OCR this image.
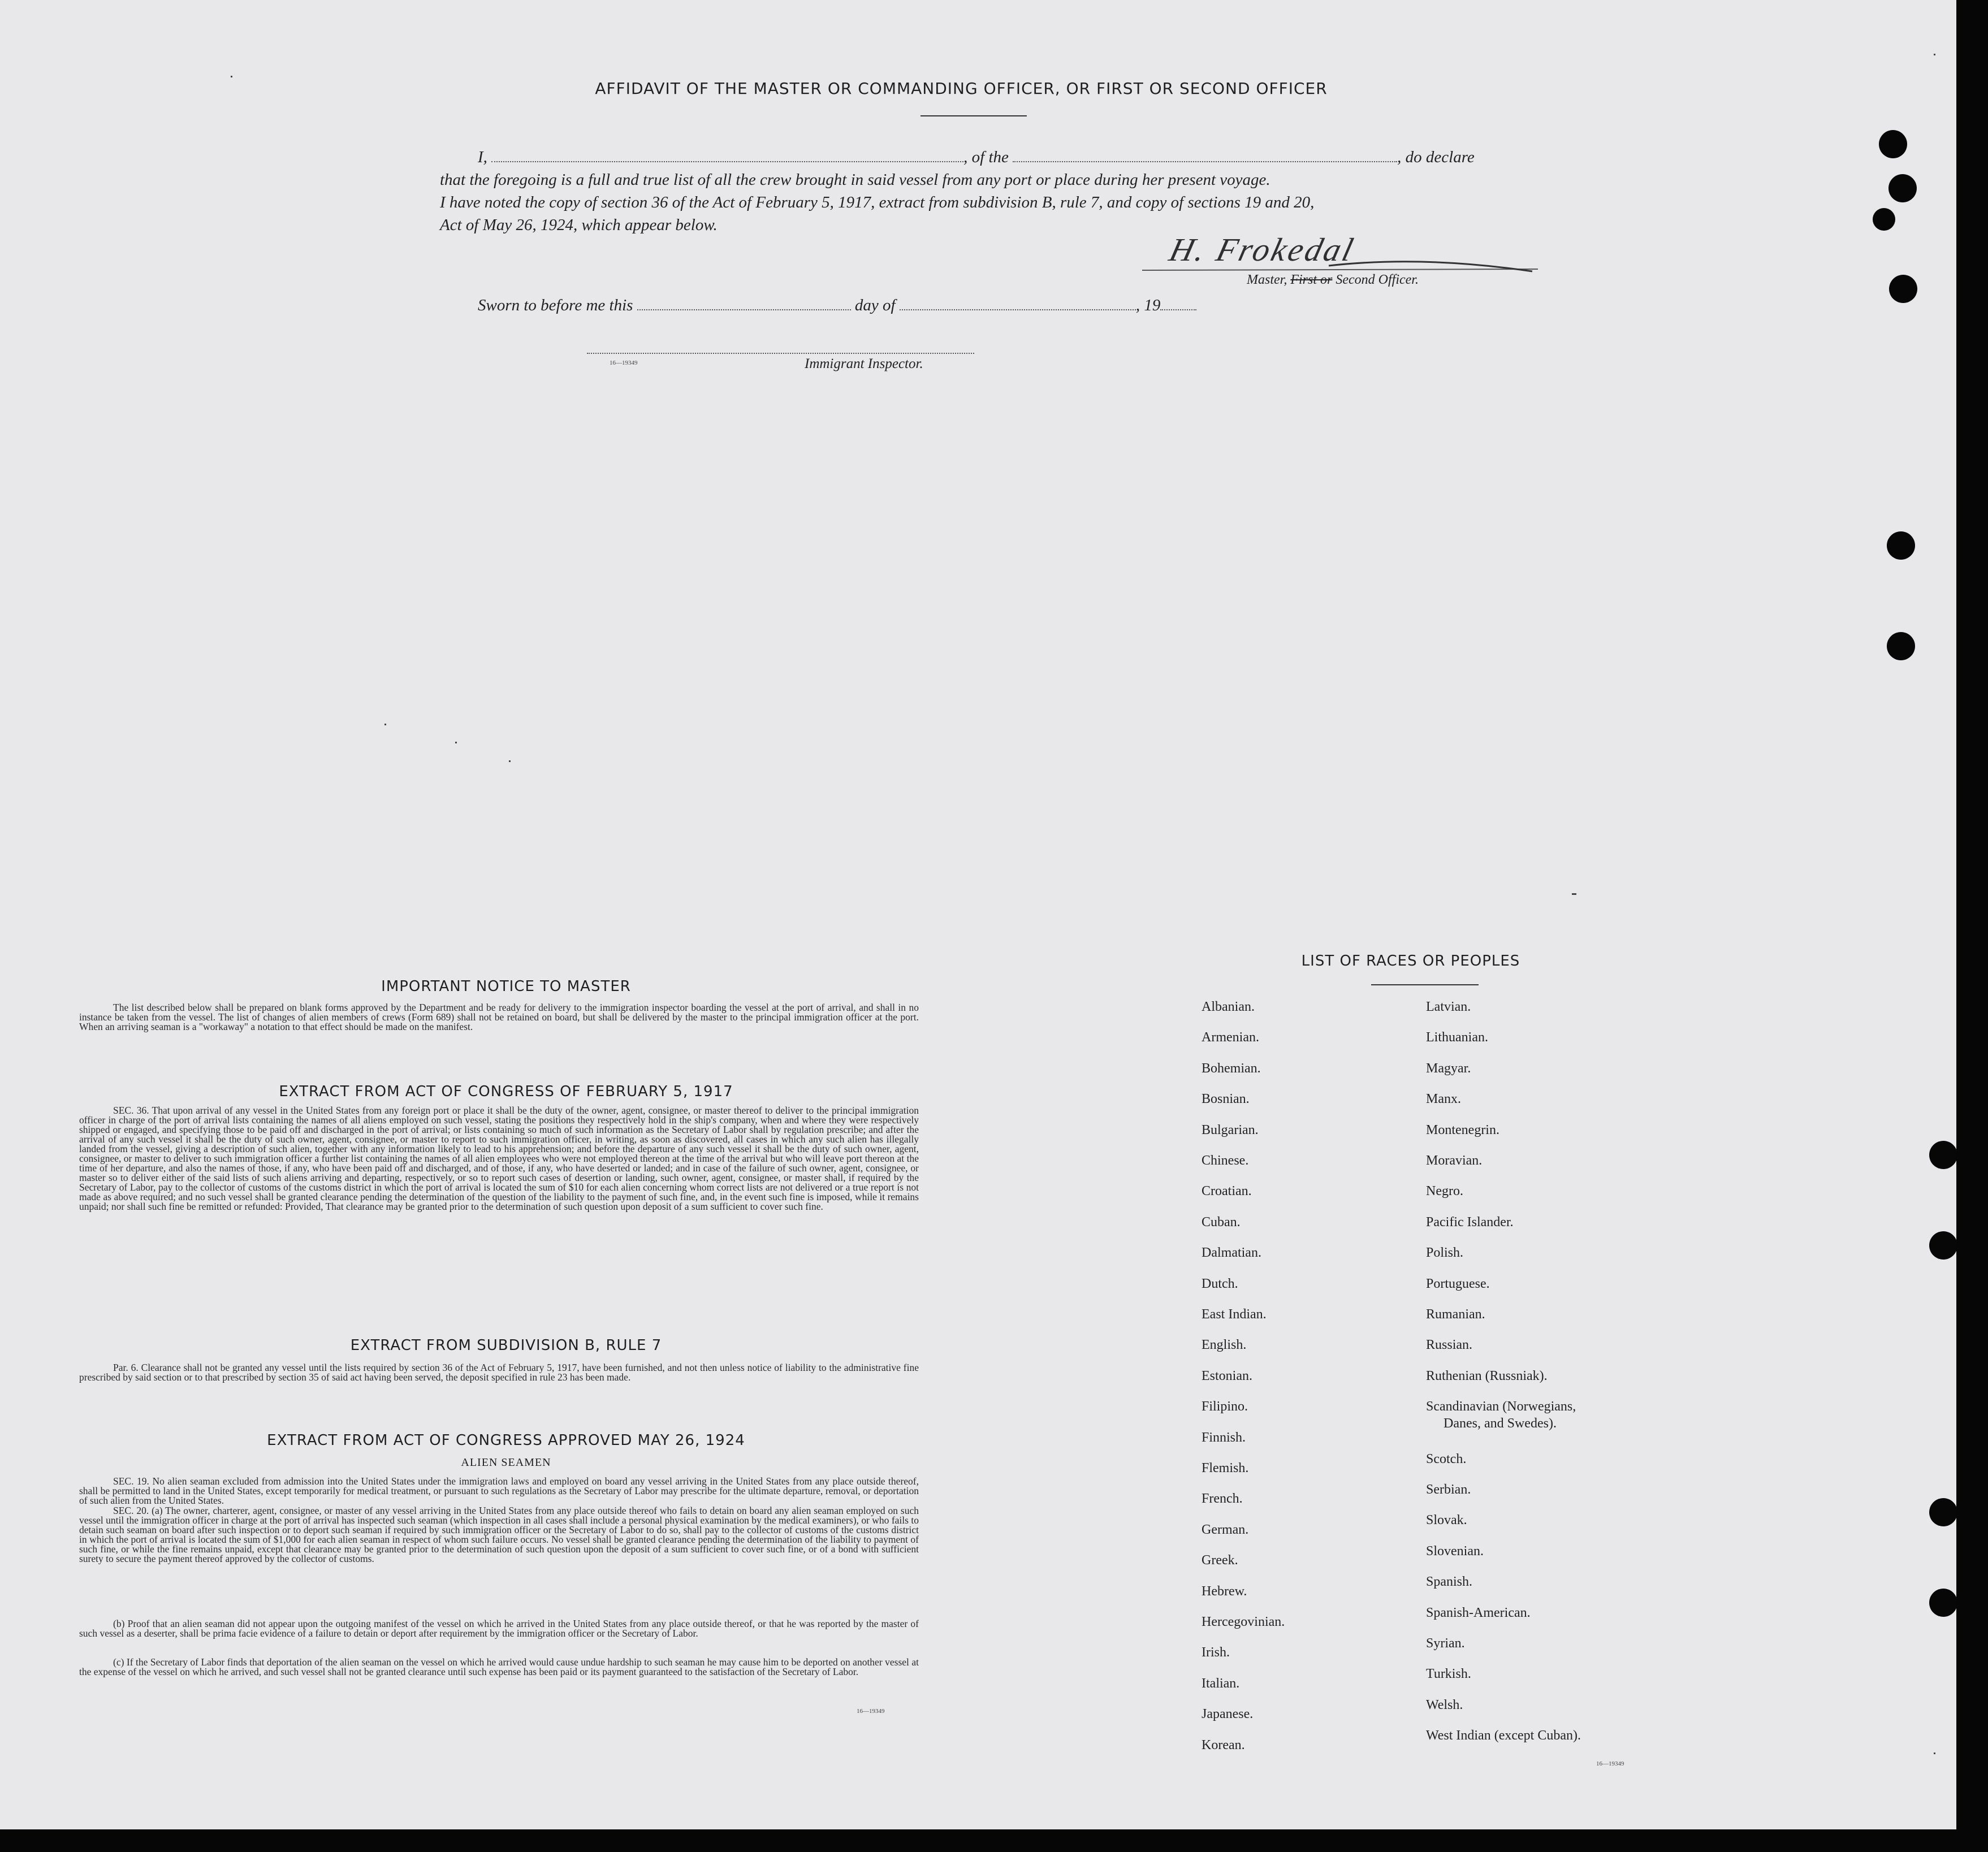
AFFIDAVIT OF THE MASTER OR COMMANDING OFFICER, OR FIRST OR SECOND OFFICER
I,	, of the	, do declare
that the foregoing is a full and true list of all the crew brought in said vessel from any port or place during her present voyage.
I have noted the copy of section 36 of the Act of February 5, 1917, extract from subdivision B, rule 7, and copy of sections 19 and 20,
Act of May 26, 1924, which appear below.
H. Frokedal
Master, First or Second Officer.
Sworn to before me this	day of	, 19
16—19349	Immigrant Inspector.
IMPORTANT NOTICE TO MASTER
The list described below shall be prepared on blank forms approved by the Department and be ready for delivery to the immigration inspector boarding the vessel at the port of arrival, and shall in no instance be taken from the vessel. The list of changes of alien members of crews (Form 689) shall not be retained on board, but shall be delivered by the master to the principal immigration officer at the port. When an arriving seaman is a "workaway" a notation to that effect should be made on the manifest.
EXTRACT FROM ACT OF CONGRESS OF FEBRUARY 5, 1917
SEC. 36. That upon arrival of any vessel in the United States from any foreign port or place it shall be the duty of the owner, agent, consignee, or master thereof to deliver to the principal immigration officer in charge of the port of arrival lists containing the names of all aliens employed on such vessel, stating the positions they respectively hold in the ship's company, when and where they were respectively shipped or engaged, and specifying those to be paid off and discharged in the port of arrival; or lists containing so much of such information as the Secretary of Labor shall by regulation prescribe; and after the arrival of any such vessel it shall be the duty of such owner, agent, consignee, or master to report to such immigration officer, in writing, as soon as discovered, all cases in which any such alien has illegally landed from the vessel, giving a description of such alien, together with any information likely to lead to his apprehension; and before the departure of any such vessel it shall be the duty of such owner, agent, consignee, or master to deliver to such immigration officer a further list containing the names of all alien employees who were not employed thereon at the time of the arrival but who will leave port thereon at the time of her departure, and also the names of those, if any, who have been paid off and discharged, and of those, if any, who have deserted or landed; and in case of the failure of such owner, agent, consignee, or master so to deliver either of the said lists of such aliens arriving and departing, respectively, or so to report such cases of desertion or landing, such owner, agent, consignee, or master shall, if required by the Secretary of Labor, pay to the collector of customs of the customs district in which the port of arrival is located the sum of $10 for each alien concerning whom correct lists are not delivered or a true report is not made as above required; and no such vessel shall be granted clearance pending the determination of the question of the liability to the payment of such fine, and, in the event such fine is imposed, while it remains unpaid; nor shall such fine be remitted or refunded: Provided, That clearance may be granted prior to the determination of such question upon deposit of a sum sufficient to cover such fine.
EXTRACT FROM SUBDIVISION B, RULE 7
Par. 6. Clearance shall not be granted any vessel until the lists required by section 36 of the Act of February 5, 1917, have been furnished, and not then unless notice of liability to the administrative fine prescribed by said section or to that prescribed by section 35 of said act having been served, the deposit specified in rule 23 has been made.
EXTRACT FROM ACT OF CONGRESS APPROVED MAY 26, 1924
ALIEN SEAMEN
SEC. 19. No alien seaman excluded from admission into the United States under the immigration laws and employed on board any vessel arriving in the United States from any place outside thereof, shall be permitted to land in the United States, except temporarily for medical treatment, or pursuant to such regulations as the Secretary of Labor may prescribe for the ultimate departure, removal, or deportation of such alien from the United States.
SEC. 20. (a) The owner, charterer, agent, consignee, or master of any vessel arriving in the United States from any place outside thereof who fails to detain on board any alien seaman employed on such vessel until the immigration officer in charge at the port of arrival has inspected such seaman (which inspection in all cases shall include a personal physical examination by the medical examiners), or who fails to detain such seaman on board after such inspection or to deport such seaman if required by such immigration officer or the Secretary of Labor to do so, shall pay to the collector of customs of the customs district in which the port of arrival is located the sum of $1,000 for each alien seaman in respect of whom such failure occurs. No vessel shall be granted clearance pending the determination of the liability to payment of such fine, or while the fine remains unpaid, except that clearance may be granted prior to the determination of such question upon the deposit of a sum sufficient to cover such fine, or of a bond with sufficient surety to secure the payment thereof approved by the collector of customs.
(b) Proof that an alien seaman did not appear upon the outgoing manifest of the vessel on which he arrived in the United States from any place outside thereof, or that he was reported by the master of such vessel as a deserter, shall be prima facie evidence of a failure to detain or deport after requirement by the immigration officer or the Secretary of Labor.
(c) If the Secretary of Labor finds that deportation of the alien seaman on the vessel on which he arrived would cause undue hardship to such seaman he may cause him to be deported on another vessel at the expense of the vessel on which he arrived, and such vessel shall not be granted clearance until such expense has been paid or its payment guaranteed to the satisfaction of the Secretary of Labor.
16—19349
LIST OF RACES OR PEOPLES
Albanian.
Armenian.
Bohemian.
Bosnian.
Bulgarian.
Chinese.
Croatian.
Cuban.
Dalmatian.
Dutch.
East Indian.
English.
Estonian.
Filipino.
Finnish.
Flemish.
French.
German.
Greek.
Hebrew.
Hercegovinian.
Irish.
Italian.
Japanese.
Korean.
Latvian.
Lithuanian.
Magyar.
Manx.
Montenegrin.
Moravian.
Negro.
Pacific Islander.
Polish.
Portuguese.
Rumanian.
Russian.
Ruthenian (Russniak).
Scandinavian (Norwegians,
Danes, and Swedes).
Scotch.
Serbian.
Slovak.
Slovenian.
Spanish.
Spanish-American.
Syrian.
Turkish.
Welsh.
West Indian (except Cuban).
16—19349
